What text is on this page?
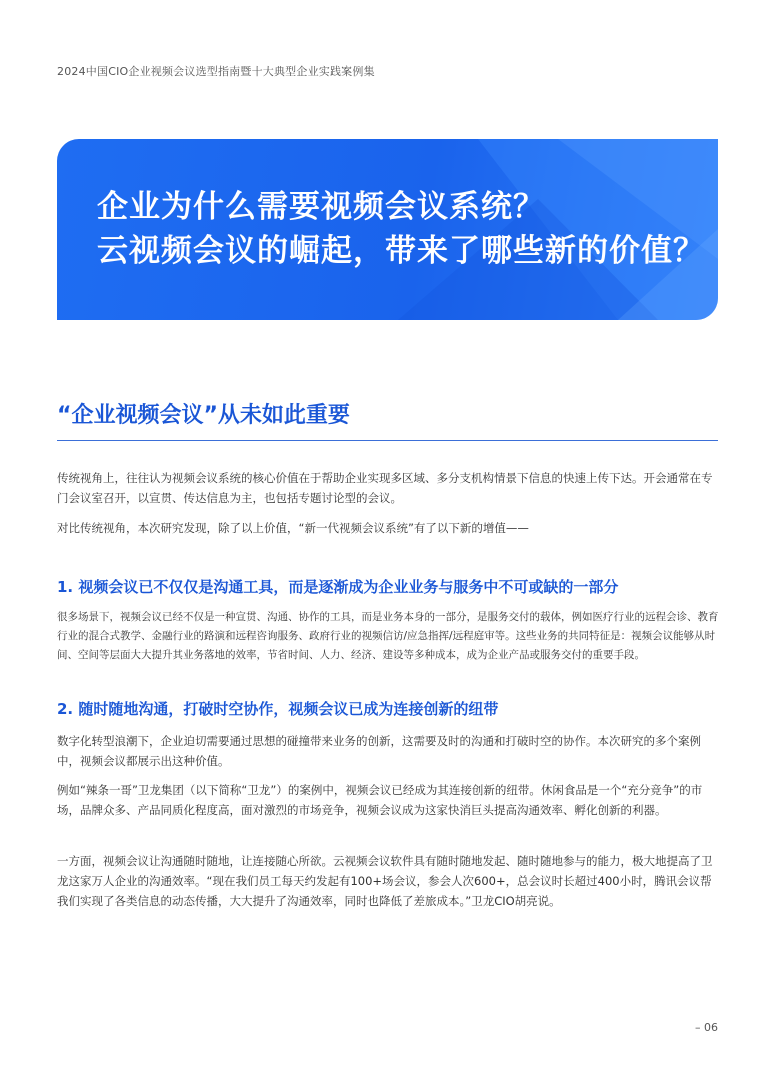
2024中国CIO企业视频会议选型指南暨十大典型企业实践案例集
企业为什么需要视频会议系统？
云视频会议的崛起，带来了哪些新的价值？
“企业视频会议”从未如此重要

传统视角上，往往认为视频会议系统的核心价值在于帮助企业实现多区域、多分支机构情景下信息的快速上传下达。开会通常在专门会议室召开，以宣贯、传达信息为主，也包括专题讨论型的会议。

对比传统视角，本次研究发现，除了以上价值，“新一代视频会议系统”有了以下新的增值——

1. 视频会议已不仅仅是沟通工具，而是逐渐成为企业业务与服务中不可或缺的一部分

很多场景下，视频会议已经不仅是一种宣贯、沟通、协作的工具，而是业务本身的一部分，是服务交付的载体，例如医疗行业的远程会诊、教育行业的混合式教学、金融行业的路演和远程咨询服务、政府行业的视频信访/应急指挥/远程庭审等。这些业务的共同特征是：视频会议能够从时间、空间等层面大大提升其业务落地的效率，节省时间、人力、经济、建设等多种成本，成为企业产品或服务交付的重要手段。

2. 随时随地沟通，打破时空协作，视频会议已成为连接创新的纽带

数字化转型浪潮下，企业迫切需要通过思想的碰撞带来业务的创新，这需要及时的沟通和打破时空的协作。本次研究的多个案例中，视频会议都展示出这种价值。

例如“辣条一哥”卫龙集团（以下简称“卫龙”）的案例中，视频会议已经成为其连接创新的纽带。休闲食品是一个“充分竞争”的市场，品牌众多、产品同质化程度高，面对激烈的市场竞争，视频会议成为这家快消巨头提高沟通效率、孵化创新的利器。

一方面，视频会议让沟通随时随地，让连接随心所欲。云视频会议软件具有随时随地发起、随时随地参与的能力，极大地提高了卫龙这家万人企业的沟通效率。“现在我们员工每天约发起有100+场会议，参会人次600+，总会议时长超过400小时，腾讯会议帮我们实现了各类信息的动态传播，大大提升了沟通效率，同时也降低了差旅成本。”卫龙CIO胡亮说。

– 06
